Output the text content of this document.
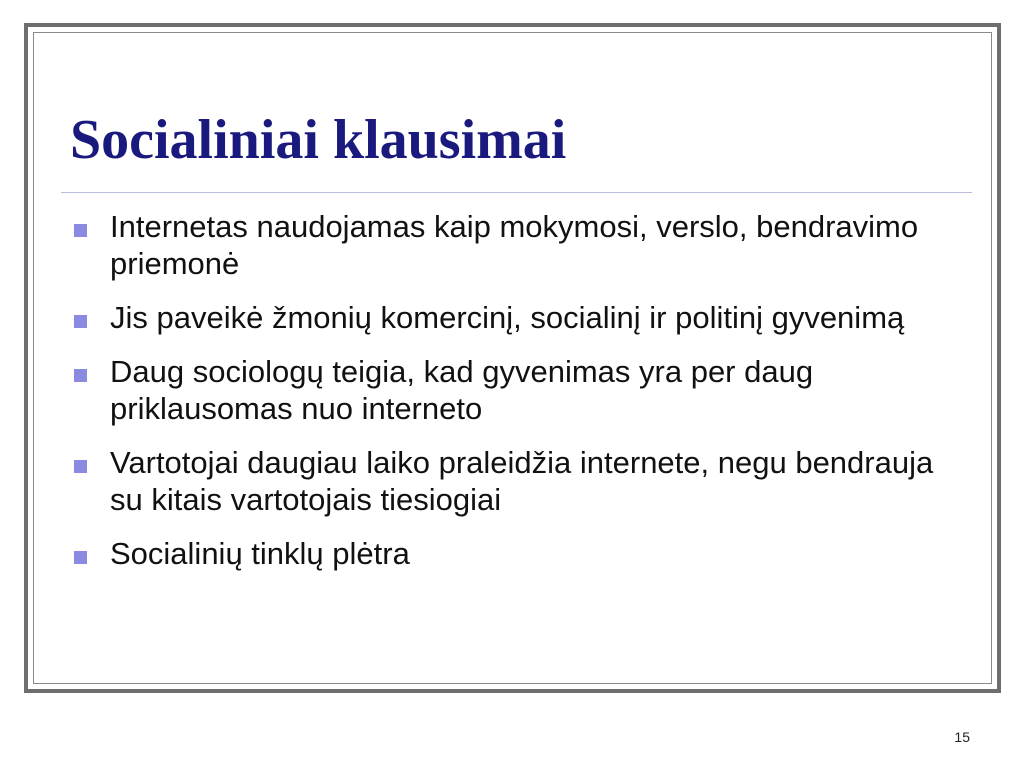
Socialiniai klausimai
Internetas naudojamas kaip mokymosi, verslo, bendravimo priemonė
Jis paveikė žmonių komercinį, socialinį ir politinį gyvenimą
Daug sociologų teigia, kad gyvenimas yra per daug priklausomas nuo interneto
Vartotojai daugiau laiko praleidžia internete, negu bendrauja su kitais vartotojais tiesiogiai
Socialinių tinklų plėtra
15
